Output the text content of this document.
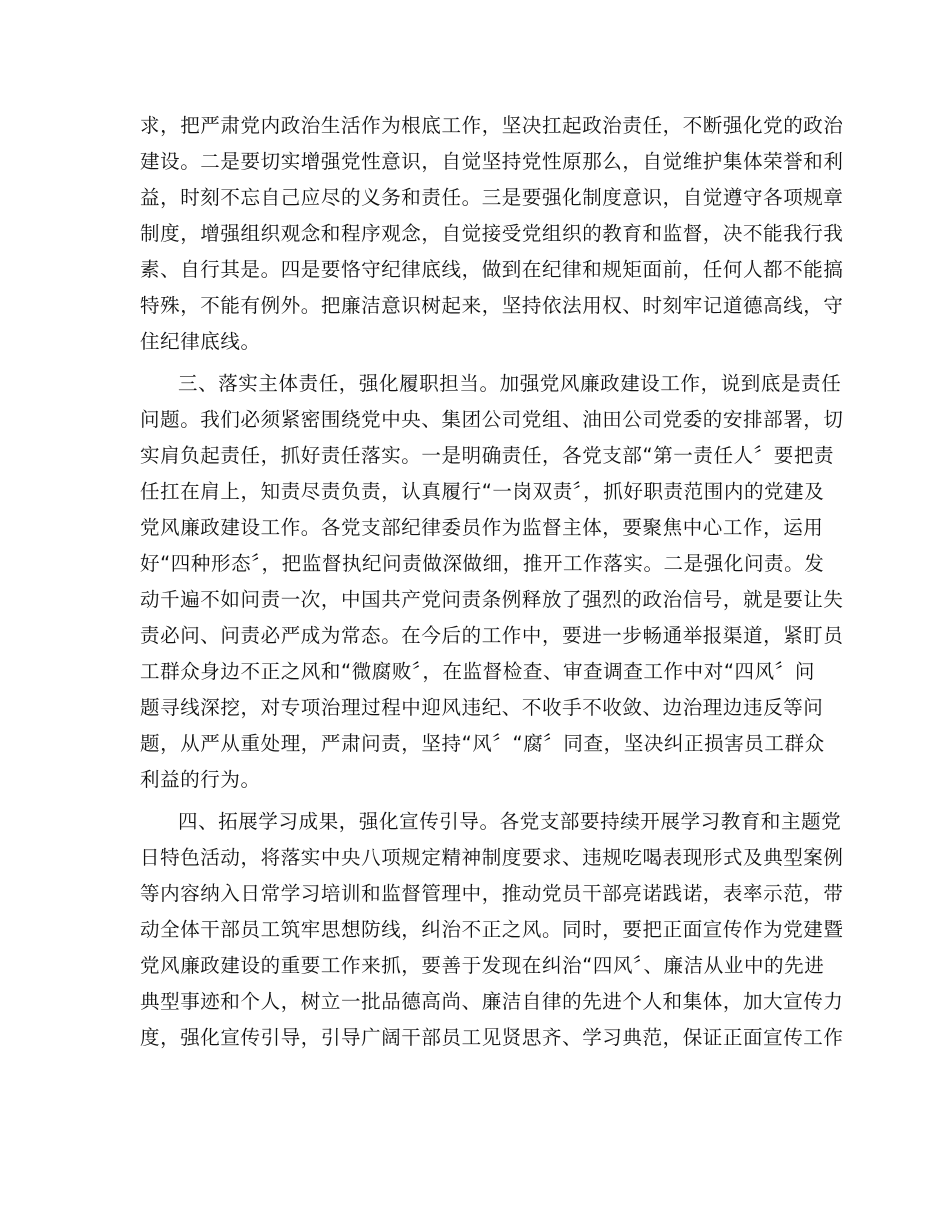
求，把严肃党内政治生活作为根底工作，坚决扛起政治责任，不断强化党的政治
建设。二是要切实增强党性意识，自觉坚持党性原那么，自觉维护集体荣誉和利
益，时刻不忘自己应尽的义务和责任。三是要强化制度意识，自觉遵守各项规章
制度，增强组织观念和程序观念，自觉接受党组织的教育和监督，决不能我行我
素、自行其是。四是要恪守纪律底线，做到在纪律和规矩面前，任何人都不能搞
特殊，不能有例外。把廉洁意识树起来，坚持依法用权、时刻牢记道德高线，守
住纪律底线。
三、落实主体责任，强化履职担当。加强党风廉政建设工作，说到底是责任
问题。我们必须紧密围绕党中央、集团公司党组、油田公司党委的安排部署，切
实肩负起责任，抓好责任落实。一是明确责任，各党支部“第一责任人〞要把责
任扛在肩上，知责尽责负责，认真履行“一岗双责〞，抓好职责范围内的党建及
党风廉政建设工作。各党支部纪律委员作为监督主体，要聚焦中心工作，运用
好“四种形态〞，把监督执纪问责做深做细，推开工作落实。二是强化问责。发
动千遍不如问责一次，中国共产党问责条例释放了强烈的政治信号，就是要让失
责必问、问责必严成为常态。在今后的工作中，要进一步畅通举报渠道，紧盯员
工群众身边不正之风和“微腐败〞，在监督检查、审查调查工作中对“四风〞问
题寻线深挖，对专项治理过程中迎风违纪、不收手不收敛、边治理边违反等问
题，从严从重处理，严肃问责，坚持“风〞“腐〞同查，坚决纠正损害员工群众
利益的行为。
四、拓展学习成果，强化宣传引导。各党支部要持续开展学习教育和主题党
日特色活动，将落实中央八项规定精神制度要求、违规吃喝表现形式及典型案例
等内容纳入日常学习培训和监督管理中，推动党员干部亮诺践诺，表率示范，带
动全体干部员工筑牢思想防线，纠治不正之风。同时，要把正面宣传作为党建暨
党风廉政建设的重要工作来抓，要善于发现在纠治“四风〞、廉洁从业中的先进
典型事迹和个人，树立一批品德高尚、廉洁自律的先进个人和集体，加大宣传力
度，强化宣传引导，引导广阔干部员工见贤思齐、学习典范，保证正面宣传工作
